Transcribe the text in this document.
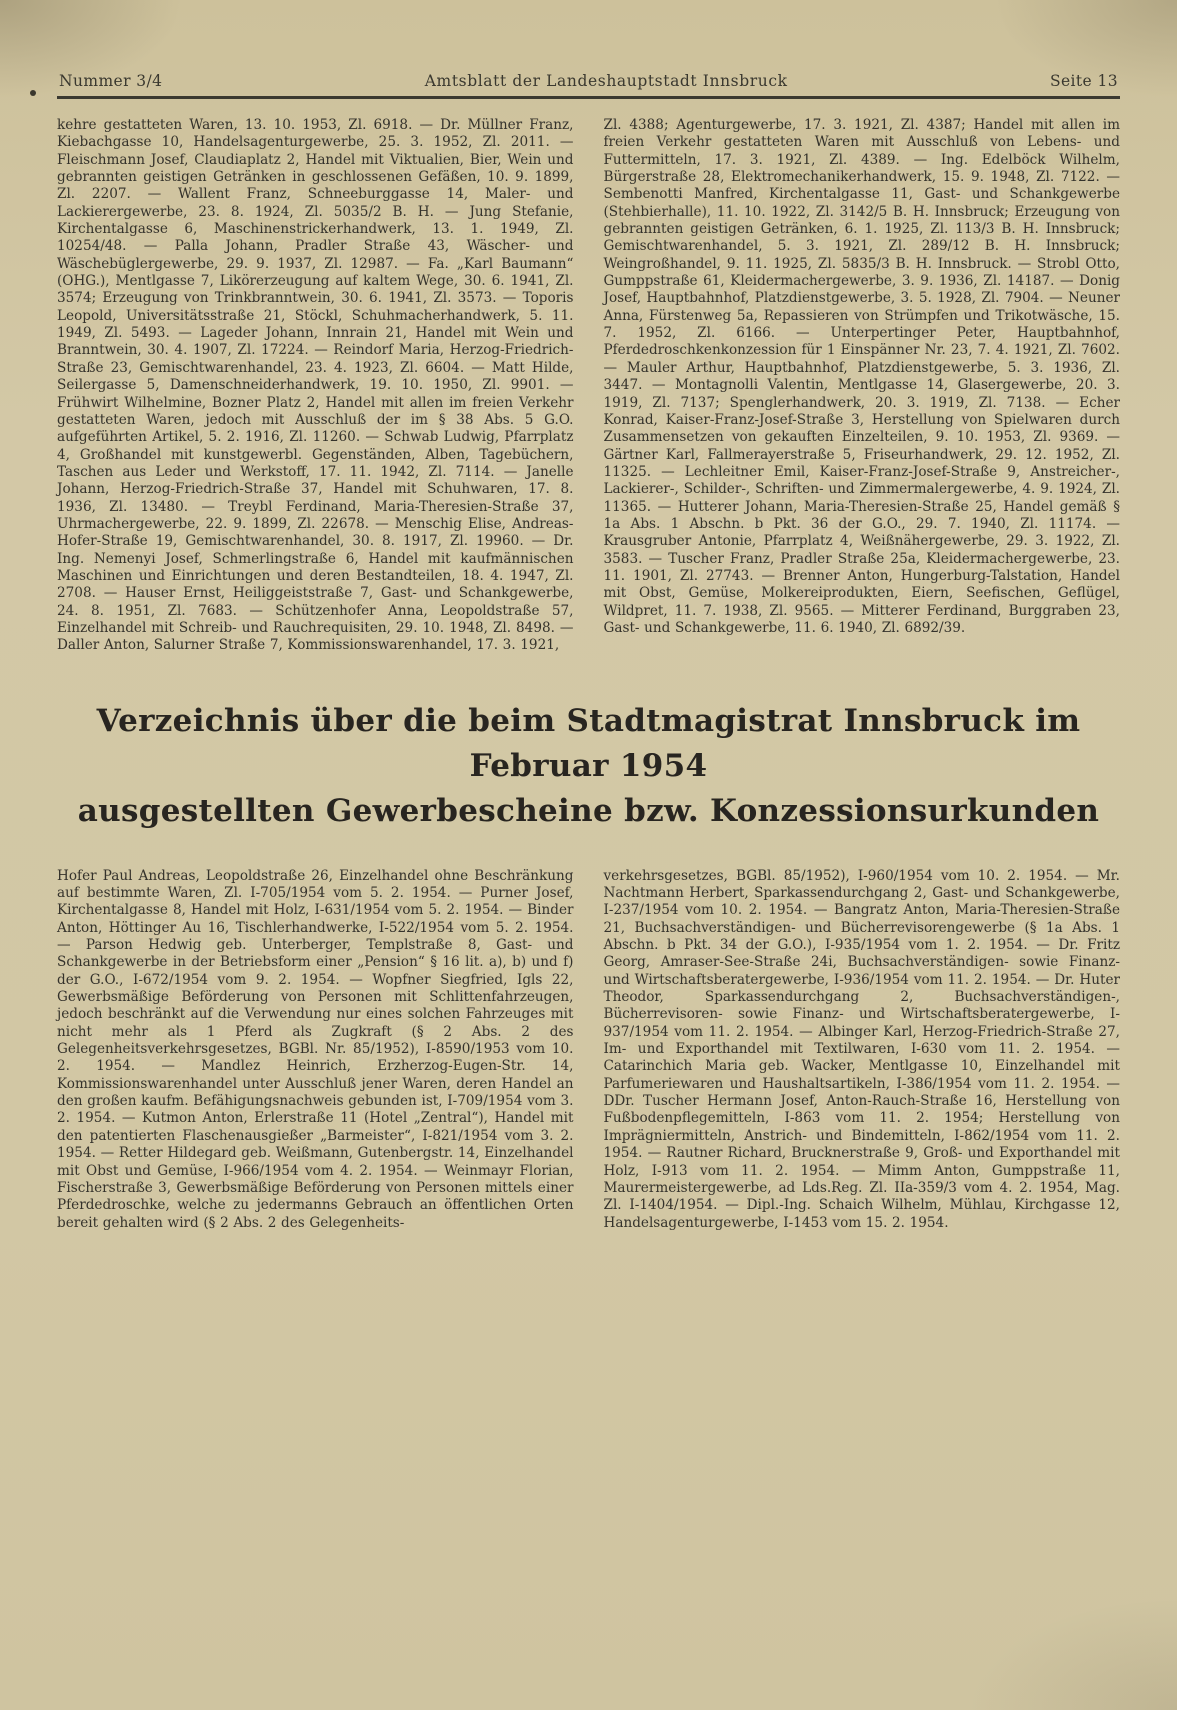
Nummer 3/4	Amtsblatt der Landeshauptstadt Innsbruck	Seite 13
kehre gestatteten Waren, 13. 10. 1953, Zl. 6918. — Dr. Müllner Franz, Kiebachgasse 10, Handelsagenturgewerbe, 25. 3. 1952, Zl. 2011. — Fleischmann Josef, Claudiaplatz 2, Handel mit Viktualien, Bier, Wein und gebrannten geistigen Getränken in geschlossenen Gefäßen, 10. 9. 1899, Zl. 2207. — Wallent Franz, Schneeburggasse 14, Maler- und Lackierergewerbe, 23. 8. 1924, Zl. 5035/2 B. H. — Jung Stefanie, Kirchentalgasse 6, Maschinenstrickerhandwerk, 13. 1. 1949, Zl. 10254/48. — Palla Johann, Pradler Straße 43, Wäscher- und Wäschebüglergewerbe, 29. 9. 1937, Zl. 12987. — Fa. „Karl Baumann“ (OHG.), Mentlgasse 7, Likörerzeugung auf kaltem Wege, 30. 6. 1941, Zl. 3574; Erzeugung von Trinkbranntwein, 30. 6. 1941, Zl. 3573. — Toporis Leopold, Universitätsstraße 21, Stöckl, Schuhmacherhandwerk, 5. 11. 1949, Zl. 5493. — Lageder Johann, Innrain 21, Handel mit Wein und Branntwein, 30. 4. 1907, Zl. 17224. — Reindorf Maria, Herzog-Friedrich-Straße 23, Gemischtwarenhandel, 23. 4. 1923, Zl. 6604. — Matt Hilde, Seilergasse 5, Damenschneiderhandwerk, 19. 10. 1950, Zl. 9901. — Frühwirt Wilhelmine, Bozner Platz 2, Handel mit allen im freien Verkehr gestatteten Waren, jedoch mit Ausschluß der im § 38 Abs. 5 G.O. aufgeführten Artikel, 5. 2. 1916, Zl. 11260. — Schwab Ludwig, Pfarrplatz 4, Großhandel mit kunstgewerbl. Gegenständen, Alben, Tagebüchern, Taschen aus Leder und Werkstoff, 17. 11. 1942, Zl. 7114. — Janelle Johann, Herzog-Friedrich-Straße 37, Handel mit Schuhwaren, 17. 8. 1936, Zl. 13480. — Treybl Ferdinand, Maria-Theresien-Straße 37, Uhrmachergewerbe, 22. 9. 1899, Zl. 22678. — Menschig Elise, Andreas-Hofer-Straße 19, Gemischtwarenhandel, 30. 8. 1917, Zl. 19960. — Dr. Ing. Nemenyi Josef, Schmerlingstraße 6, Handel mit kaufmännischen Maschinen und Einrichtungen und deren Bestandteilen, 18. 4. 1947, Zl. 2708. — Hauser Ernst, Heiliggeiststraße 7, Gast- und Schankgewerbe, 24. 8. 1951, Zl. 7683. — Schützenhofer Anna, Leopoldstraße 57, Einzelhandel mit Schreib- und Rauchrequisiten, 29. 10. 1948, Zl. 8498. — Daller Anton, Salurner Straße 7, Kommissionswarenhandel, 17. 3. 1921,
Zl. 4388; Agenturgewerbe, 17. 3. 1921, Zl. 4387; Handel mit allen im freien Verkehr gestatteten Waren mit Ausschluß von Lebens- und Futtermitteln, 17. 3. 1921, Zl. 4389. — Ing. Edelböck Wilhelm, Bürgerstraße 28, Elektromechanikerhandwerk, 15. 9. 1948, Zl. 7122. — Sembenotti Manfred, Kirchentalgasse 11, Gast- und Schankgewerbe (Stehbierhalle), 11. 10. 1922, Zl. 3142/5 B. H. Innsbruck; Erzeugung von gebrannten geistigen Getränken, 6. 1. 1925, Zl. 113/3 B. H. Innsbruck; Gemischtwarenhandel, 5. 3. 1921, Zl. 289/12 B. H. Innsbruck; Weingroßhandel, 9. 11. 1925, Zl. 5835/3 B. H. Innsbruck. — Strobl Otto, Gumppstraße 61, Kleidermachergewerbe, 3. 9. 1936, Zl. 14187. — Donig Josef, Hauptbahnhof, Platzdienstgewerbe, 3. 5. 1928, Zl. 7904. — Neuner Anna, Fürstenweg 5a, Repassieren von Strümpfen und Trikotwäsche, 15. 7. 1952, Zl. 6166. — Unterpertinger Peter, Hauptbahnhof, Pferdedroschkenkonzession für 1 Einspänner Nr. 23, 7. 4. 1921, Zl. 7602. — Mauler Arthur, Hauptbahnhof, Platzdienstgewerbe, 5. 3. 1936, Zl. 3447. — Montagnolli Valentin, Mentlgasse 14, Glasergewerbe, 20. 3. 1919, Zl. 7137; Spenglerhandwerk, 20. 3. 1919, Zl. 7138. — Echer Konrad, Kaiser-Franz-Josef-Straße 3, Herstellung von Spielwaren durch Zusammensetzen von gekauften Einzelteilen, 9. 10. 1953, Zl. 9369. — Gärtner Karl, Fallmerayerstraße 5, Friseurhandwerk, 29. 12. 1952, Zl. 11325. — Lechleitner Emil, Kaiser-Franz-Josef-Straße 9, Anstreicher-, Lackierer-, Schilder-, Schriften- und Zimmermalergewerbe, 4. 9. 1924, Zl. 11365. — Hutterer Johann, Maria-Theresien-Straße 25, Handel gemäß § 1a Abs. 1 Abschn. b Pkt. 36 der G.O., 29. 7. 1940, Zl. 11174. — Krausgruber Antonie, Pfarrplatz 4, Weißnähergewerbe, 29. 3. 1922, Zl. 3583. — Tuscher Franz, Pradler Straße 25a, Kleidermachergewerbe, 23. 11. 1901, Zl. 27743. — Brenner Anton, Hungerburg-Talstation, Handel mit Obst, Gemüse, Molkereiprodukten, Eiern, Seefischen, Geflügel, Wildpret, 11. 7. 1938, Zl. 9565. — Mitterer Ferdinand, Burggraben 23, Gast- und Schankgewerbe, 11. 6. 1940, Zl. 6892/39.
Verzeichnis über die beim Stadtmagistrat Innsbruck im Februar 1954
ausgestellten Gewerbescheine bzw. Konzessionsurkunden
Hofer Paul Andreas, Leopoldstraße 26, Einzelhandel ohne Beschränkung auf bestimmte Waren, Zl. I-705/1954 vom 5. 2. 1954. — Purner Josef, Kirchentalgasse 8, Handel mit Holz, I-631/1954 vom 5. 2. 1954. — Binder Anton, Höttinger Au 16, Tischlerhandwerke, I-522/1954 vom 5. 2. 1954. — Parson Hedwig geb. Unterberger, Templstraße 8, Gast- und Schankgewerbe in der Betriebsform einer „Pension“ § 16 lit. a), b) und f) der G.O., I-672/1954 vom 9. 2. 1954. — Wopfner Siegfried, Igls 22, Gewerbsmäßige Beförderung von Personen mit Schlittenfahrzeugen, jedoch beschränkt auf die Verwendung nur eines solchen Fahrzeuges mit nicht mehr als 1 Pferd als Zugkraft (§ 2 Abs. 2 des Gelegenheitsverkehrsgesetzes, BGBl. Nr. 85/1952), I-8590/1953 vom 10. 2. 1954. — Mandlez Heinrich, Erzherzog-Eugen-Str. 14, Kommissionswarenhandel unter Ausschluß jener Waren, deren Handel an den großen kaufm. Befähigungsnachweis gebunden ist, I-709/1954 vom 3. 2. 1954. — Kutmon Anton, Erlerstraße 11 (Hotel „Zentral“), Handel mit den patentierten Flaschenausgießer „Barmeister“, I-821/1954 vom 3. 2. 1954. — Retter Hildegard geb. Weißmann, Gutenbergstr. 14, Einzelhandel mit Obst und Gemüse, I-966/1954 vom 4. 2. 1954. — Weinmayr Florian, Fischerstraße 3, Gewerbsmäßige Beförderung von Personen mittels einer Pferdedroschke, welche zu jedermanns Gebrauch an öffentlichen Orten bereit gehalten wird (§ 2 Abs. 2 des Gelegenheits-
verkehrsgesetzes, BGBl. 85/1952), I-960/1954 vom 10. 2. 1954. — Mr. Nachtmann Herbert, Sparkassendurchgang 2, Gast- und Schankgewerbe, I-237/1954 vom 10. 2. 1954. — Bangratz Anton, Maria-Theresien-Straße 21, Buchsachverständigen- und Bücherrevisorengewerbe (§ 1a Abs. 1 Abschn. b Pkt. 34 der G.O.), I-935/1954 vom 1. 2. 1954. — Dr. Fritz Georg, Amraser-See-Straße 24i, Buchsachverständigen- sowie Finanz- und Wirtschaftsberatergewerbe, I-936/1954 vom 11. 2. 1954. — Dr. Huter Theodor, Sparkassendurchgang 2, Buchsachverständigen-, Bücherrevisoren- sowie Finanz- und Wirtschaftsberatergewerbe, I-937/1954 vom 11. 2. 1954. — Albinger Karl, Herzog-Friedrich-Straße 27, Im- und Exporthandel mit Textilwaren, I-630 vom 11. 2. 1954. — Catarinchich Maria geb. Wacker, Mentlgasse 10, Einzelhandel mit Parfumeriewaren und Haushaltsartikeln, I-386/1954 vom 11. 2. 1954. — DDr. Tuscher Hermann Josef, Anton-Rauch-Straße 16, Herstellung von Fußbodenpflegemitteln, I-863 vom 11. 2. 1954; Herstellung von Imprägniermitteln, Anstrich- und Bindemitteln, I-862/1954 vom 11. 2. 1954. — Rautner Richard, Brucknerstraße 9, Groß- und Exporthandel mit Holz, I-913 vom 11. 2. 1954. — Mimm Anton, Gumppstraße 11, Maurermeistergewerbe, ad Lds.Reg. Zl. IIa-359/3 vom 4. 2. 1954, Mag. Zl. I-1404/1954. — Dipl.-Ing. Schaich Wilhelm, Mühlau, Kirchgasse 12, Handelsagenturgewerbe, I-1453 vom 15. 2. 1954.
